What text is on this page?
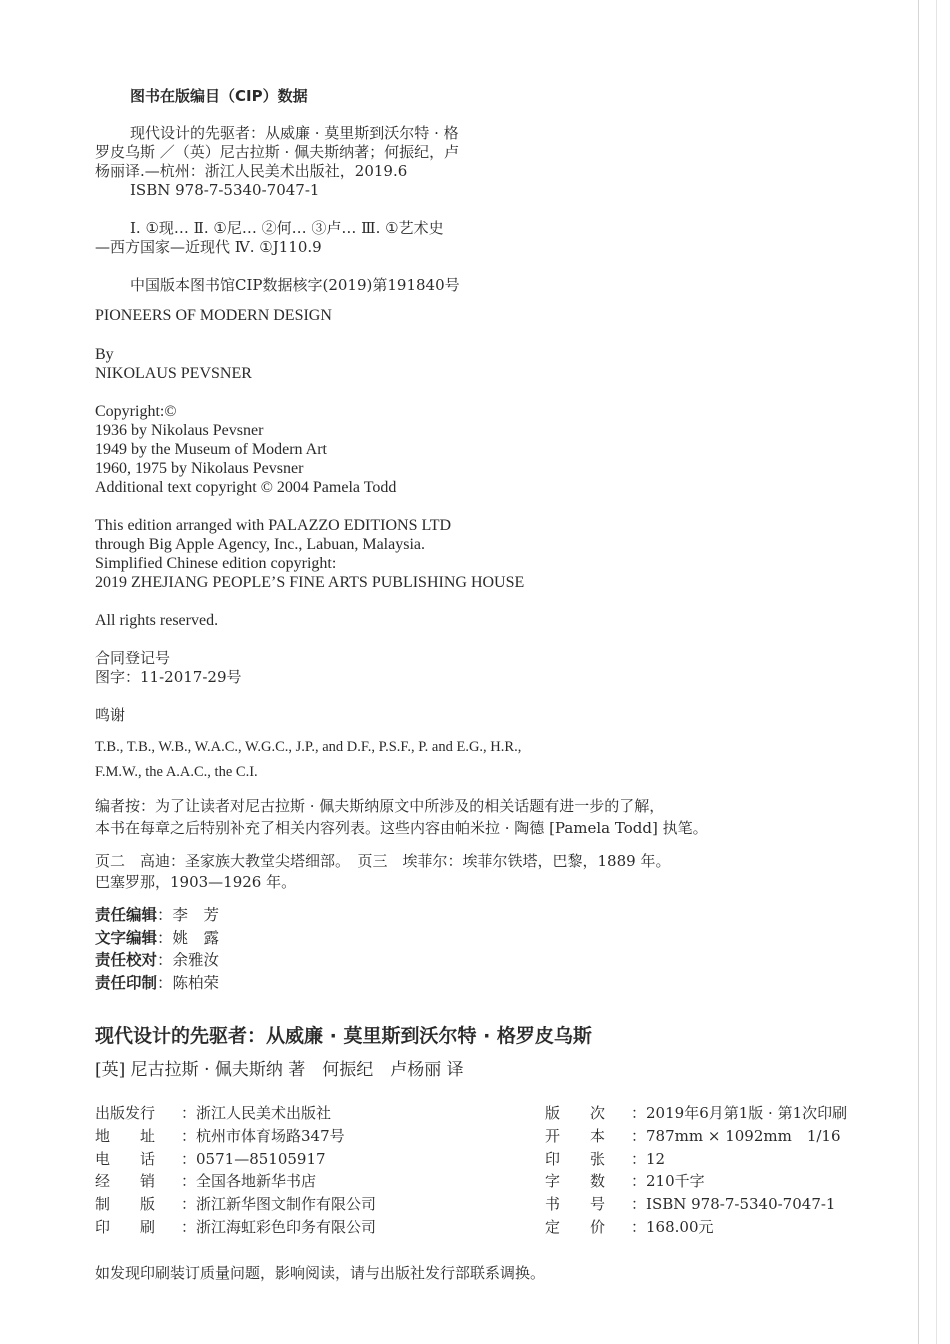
图书在版编目（CIP）数据
现代设计的先驱者：从威廉 · 莫里斯到沃尔特 · 格
罗皮乌斯 ／（英）尼古拉斯 · 佩夫斯纳著；何振纪，卢
杨丽译.—杭州：浙江人民美术出版社，2019.6
ISBN 978-7-5340-7047-1
Ⅰ. ①现… Ⅱ. ①尼… ②何… ③卢… Ⅲ. ①艺术史
—西方国家—近现代 Ⅳ. ①J110.9
中国版本图书馆CIP数据核字(2019)第191840号
PIONEERS OF MODERN DESIGN
By
NIKOLAUS PEVSNER
Copyright:©
1936 by Nikolaus Pevsner
1949 by the Museum of Modern Art
1960, 1975 by Nikolaus Pevsner
Additional text copyright © 2004 Pamela Todd
This edition arranged with PALAZZO EDITIONS LTD
through Big Apple Agency, Inc., Labuan, Malaysia.
Simplified Chinese edition copyright:
2019 ZHEJIANG PEOPLE’S FINE ARTS PUBLISHING HOUSE
All rights reserved.
合同登记号
图字：11-2017-29号
鸣谢
T.B., T.B., W.B., W.A.C., W.G.C., J.P., and D.F., P.S.F., P. and E.G., H.R.,
F.M.W., the A.A.C., the C.I.
编者按：为了让读者对尼古拉斯 · 佩夫斯纳原文中所涉及的相关话题有进一步的了解，
本书在每章之后特别补充了相关内容列表。这些内容由帕米拉 · 陶德 [Pamela Todd] 执笔。
页二　高迪：圣家族大教堂尖塔细部。　页三　埃菲尔：埃菲尔铁塔，巴黎，1889 年。
巴塞罗那，1903—1926 年。
责任编辑：李　芳
文字编辑：姚　露
责任校对：余雅汝
责任印制：陈柏荣
现代设计的先驱者：从威廉 · 莫里斯到沃尔特 · 格罗皮乌斯
[英] 尼古拉斯 · 佩夫斯纳 著　何振纪　卢杨丽 译
出版发行 ：浙江人民美术出版社
地　　址 ：杭州市体育场路347号
电　　话 ：0571—85105917
经　　销 ：全国各地新华书店
制　　版 ：浙江新华图文制作有限公司
印　　刷 ：浙江海虹彩色印务有限公司
版　　次 ：2019年6月第1版 · 第1次印刷
开　　本 ：787mm × 1092mm　1/16
印　　张 ：12
字　　数 ：210千字
书　　号 ：ISBN 978-7-5340-7047-1
定　　价 ：168.00元
如发现印刷装订质量问题，影响阅读，请与出版社发行部联系调换。
